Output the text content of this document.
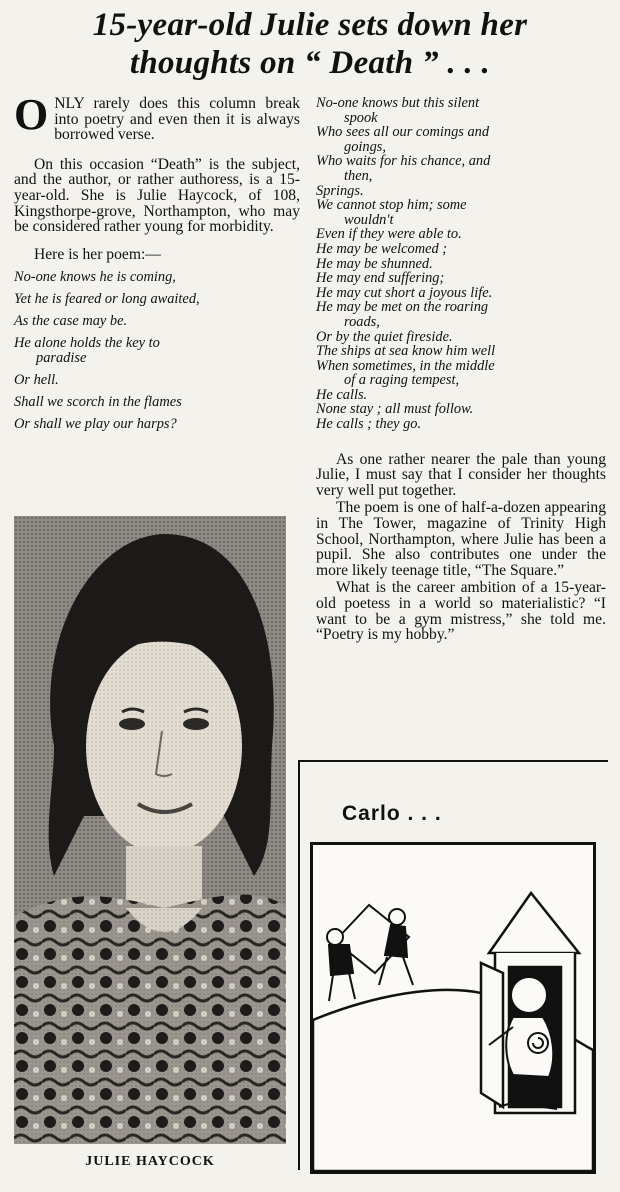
15-year-old Julie sets down her
thoughts on “ Death ” . . .

ONLY rarely does this column break into poetry and even then it is always borrowed verse.

On this occasion “Death” is the subject, and the author, or rather authoress, is a 15-year-old. She is Julie Haycock, of 108, Kingsthorpe-grove, Northampton, who may be considered rather young for morbidity.

Here is her poem:—

No-one knows he is coming,
Yet he is feared or long awaited,
As the case may be.
He alone holds the key to
paradise
Or hell.
Shall we scorch in the flames
Or shall we play our harps?
No-one knows but this silent
spook
Who sees all our comings and
goings,
Who waits for his chance, and
then,
Springs.
We cannot stop him; some
wouldn't
Even if they were able to.
He may be welcomed ;
He may be shunned.
He may end suffering;
He may cut short a joyous life.
He may be met on the roaring
roads,
Or by the quiet fireside.
The ships at sea know him well
When sometimes, in the middle
of a raging tempest,
He calls.
None stay ; all must follow.
He calls ; they go.

As one rather nearer the pale than young Julie, I must say that I consider her thoughts very well put together.

The poem is one of half-a-dozen appearing in The Tower, magazine of Trinity High School, Northampton, where Julie has been a pupil. She also contributes one under the more likely teenage title, “The Square.”

What is the career ambition of a 15-year-old poetess in a world so materialistic? “I want to be a gym mistress,” she told me. “Poetry is my hobby.”

JULIE HAYCOCK
Carlo . . .
